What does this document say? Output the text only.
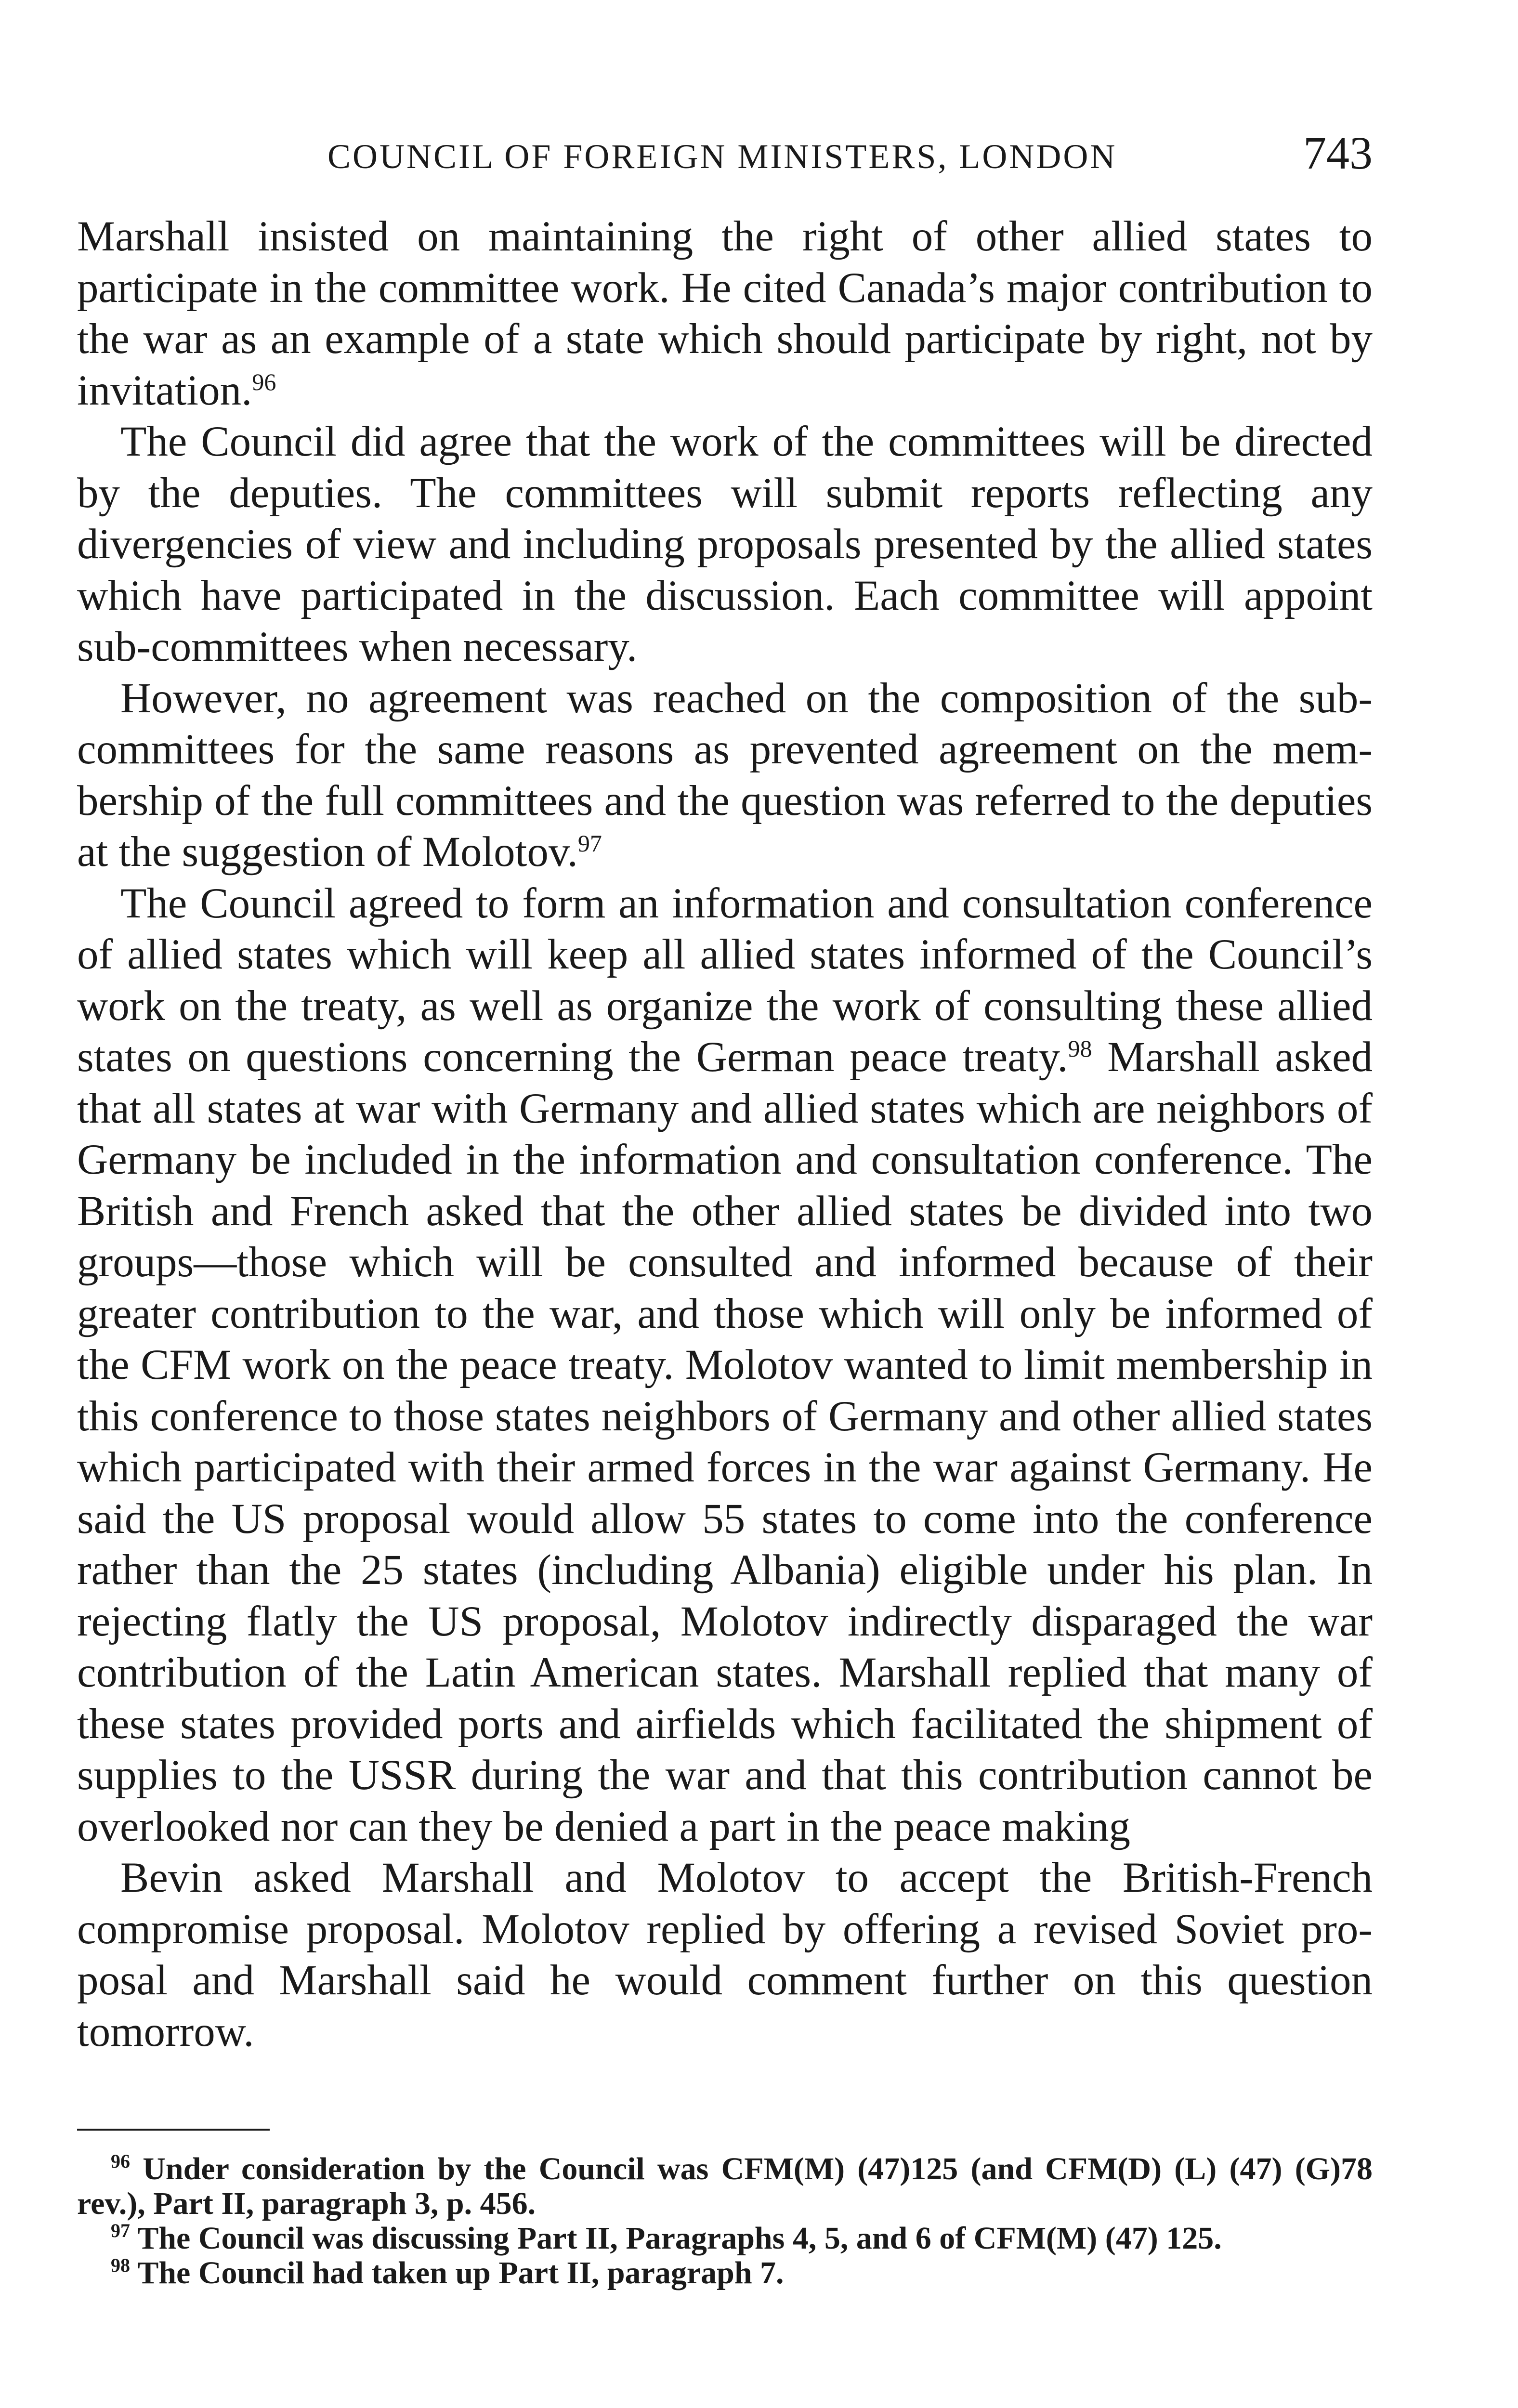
COUNCIL OF FOREIGN MINISTERS, LONDON	743

Marshall insisted on maintaining the right of other allied states to participate in the committee work. He cited Canada’s major contribution to the war as an example of a state which should participate by right, not by invitation.$^{96}$

The Council did agree that the work of the committees will be directed by the deputies. The committees will submit reports reflecting any divergencies of view and including proposals presented by the allied states which have participated in the discussion. Each committee will appoint sub-committees when necessary.

However, no agreement was reached on the composition of the subcommittees for the same reasons as prevented agreement on the membership of the full committees and the question was referred to the deputies at the suggestion of Molotov.$^{97}$

The Council agreed to form an information and consultation conference of allied states which will keep all allied states informed of the Council’s work on the treaty, as well as organize the work of consulting these allied states on questions concerning the German peace treaty.$^{98}$ Marshall asked that all states at war with Germany and allied states which are neighbors of Germany be included in the information and consultation conference. The British and French asked that the other allied states be divided into two groups—those which will be consulted and informed because of their greater contribution to the war, and those which will only be informed of the CFM work on the peace treaty. Molotov wanted to limit membership in this conference to those states neighbors of Germany and other allied states which participated with their armed forces in the war against Germany. He said the US proposal would allow 55 states to come into the conference rather than the 25 states (including Albania) eligible under his plan. In rejecting flatly the US proposal, Molotov indirectly disparaged the war contribution of the Latin American states. Marshall replied that many of these states provided ports and airfields which facilitated the shipment of supplies to the USSR during the war and that this contribution cannot be overlooked nor can they be denied a part in the peace making

Bevin asked Marshall and Molotov to accept the British-French compromise proposal. Molotov replied by offering a revised Soviet proposal and Marshall said he would comment further on this question tomorrow.

$^{96}$ Under consideration by the Council was CFM(M) (47)125 (and CFM(D) (L) (47) (G)78 rev.), Part II, paragraph 3, p. 456.

$^{97}$ The Council was discussing Part II, Paragraphs 4, 5, and 6 of CFM(M) (47) 125.

$^{98}$ The Council had taken up Part II, paragraph 7.
